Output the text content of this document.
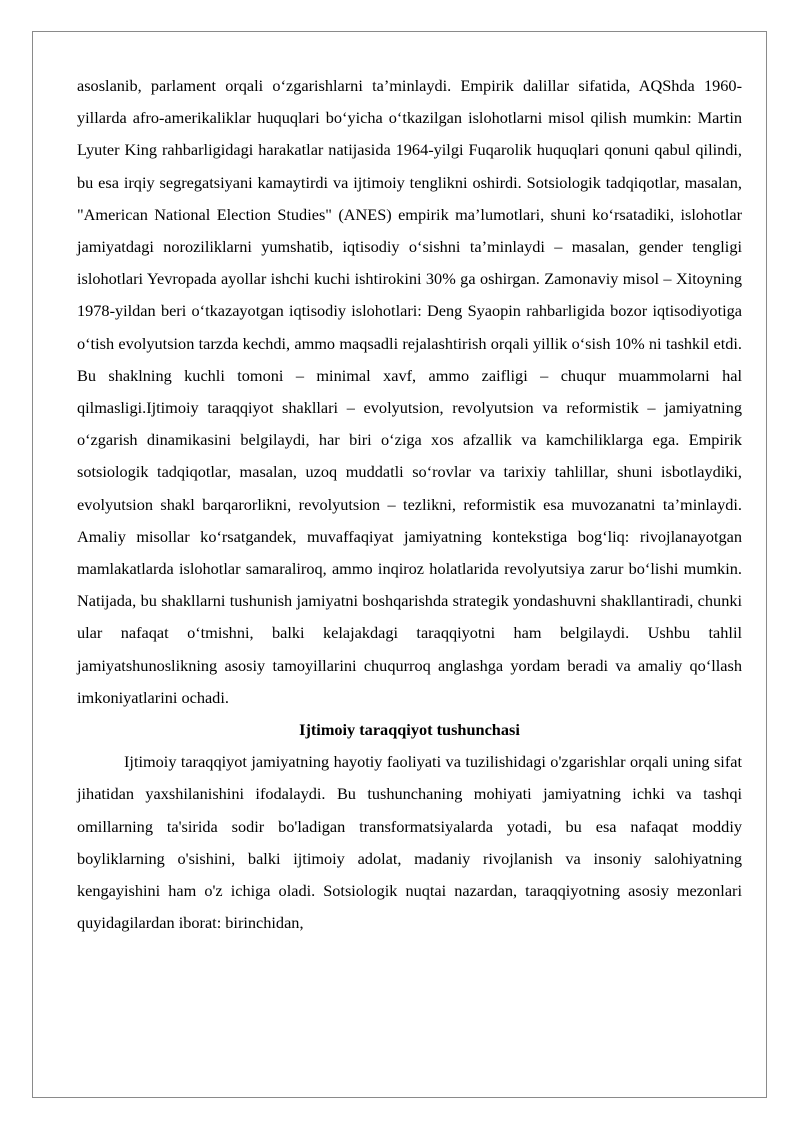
asoslanib, parlament orqali o‘zgarishlarni ta’minlaydi. Empirik dalillar sifatida, AQShda 1960-yillarda afro-amerikaliklar huquqlari bo‘yicha o‘tkazilgan islohotlarni misol qilish mumkin: Martin Lyuter King rahbarligidagi harakatlar natijasida 1964-yilgi Fuqarolik huquqlari qonuni qabul qilindi, bu esa irqiy segregatsiyani kamaytirdi va ijtimoiy tenglikni oshirdi. Sotsiologik tadqiqotlar, masalan, "American National Election Studies" (ANES) empirik ma’lumotlari, shuni ko‘rsatadiki, islohotlar jamiyatdagi noroziliklarni yumshatib, iqtisodiy o‘sishni ta’minlaydi – masalan, gender tengligi islohotlari Yevropada ayollar ishchi kuchi ishtirokini 30% ga oshirgan. Zamonaviy misol – Xitoyning 1978-yildan beri o‘tkazayotgan iqtisodiy islohotlari: Deng Syaopin rahbarligida bozor iqtisodiyotiga o‘tish evolyutsion tarzda kechdi, ammo maqsadli rejalashtirish orqali yillik o‘sish 10% ni tashkil etdi. Bu shaklning kuchli tomoni – minimal xavf, ammo zaifligi – chuqur muammolarni hal qilmasligi.Ijtimoiy taraqqiyot shakllari – evolyutsion, revolyutsion va reformistik – jamiyatning o‘zgarish dinamikasini belgilaydi, har biri o‘ziga xos afzallik va kamchiliklarga ega. Empirik sotsiologik tadqiqotlar, masalan, uzoq muddatli so‘rovlar va tarixiy tahlillar, shuni isbotlaydiki, evolyutsion shakl barqarorlikni, revolyutsion – tezlikni, reformistik esa muvozanatni ta’minlaydi. Amaliy misollar ko‘rsatgandek, muvaffaqiyat jamiyatning kontekstiga bog‘liq: rivojlanayotgan mamlakatlarda islohotlar samaraliroq, ammo inqiroz holatlarida revolyutsiya zarur bo‘lishi mumkin. Natijada, bu shakllarni tushunish jamiyatni boshqarishda strategik yondashuvni shakllantiradi, chunki ular nafaqat o‘tmishni, balki kelajakdagi taraqqiyotni ham belgilaydi. Ushbu tahlil jamiyatshunoslikning asosiy tamoyillarini chuqurroq anglashga yordam beradi va amaliy qo‘llash imkoniyatlarini ochadi.

Ijtimoiy taraqqiyot tushunchasi

Ijtimoiy taraqqiyot jamiyatning hayotiy faoliyati va tuzilishidagi o'zgarishlar orqali uning sifat jihatidan yaxshilanishini ifodalaydi. Bu tushunchaning mohiyati jamiyatning ichki va tashqi omillarning ta'sirida sodir bo'ladigan transformatsiyalarda yotadi, bu esa nafaqat moddiy boyliklarning o'sishini, balki ijtimoiy adolat, madaniy rivojlanish va insoniy salohiyatning kengayishini ham o'z ichiga oladi. Sotsiologik nuqtai nazardan, taraqqiyotning asosiy mezonlari quyidagilardan iborat: birinchidan,
